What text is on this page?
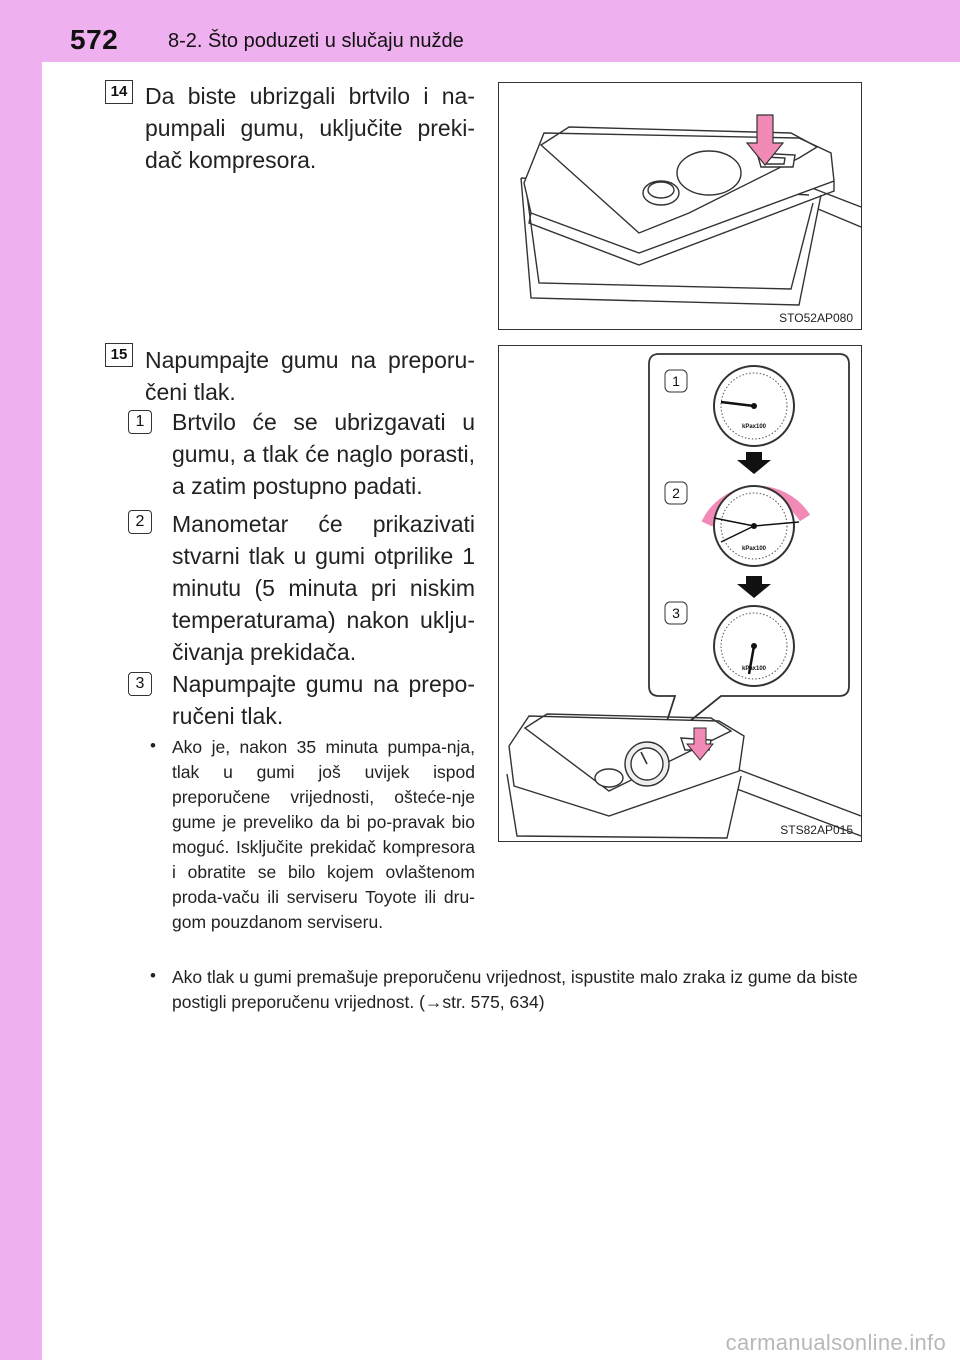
572 8-2. Što poduzeti u slučaju nužde
14 Da biste ubrizgali brtvilo i na-pumpali gumu, uključite preki-dač kompresora.
STO52AP080
15 Napumpajte gumu na preporu-čeni tlak.
1	Brtvilo će se ubrizgavati u gumu, a tlak će naglo porasti, a zatim postupno padati.
2	Manometar će prikazivati stvarni tlak u gumi otprilike 1 minutu (5 minuta pri niskim temperaturama) nakon uklju-čivanja prekidača.
3	Napumpajte gumu na prepo-ručeni tlak.
• Ako je, nakon 35 minuta pumpa-nja, tlak u gumi još uvijek ispod preporučene vrijednosti, ošteće-nje gume je preveliko da bi po-pravak bio moguć. Isključite prekidač kompresora i obratite se bilo kojem ovlaštenom proda-vaču ili serviseru Toyote ili dru-gom pouzdanom serviseru.
• Ako tlak u gumi premašuje preporučenu vrijednost, ispustite malo zraka iz gume da biste postigli preporučenu vrijednost. (→str. 575, 634)
1
2
3
kPax100
kPax100
kPax100
STS82AP015
carmanualsonline.info
